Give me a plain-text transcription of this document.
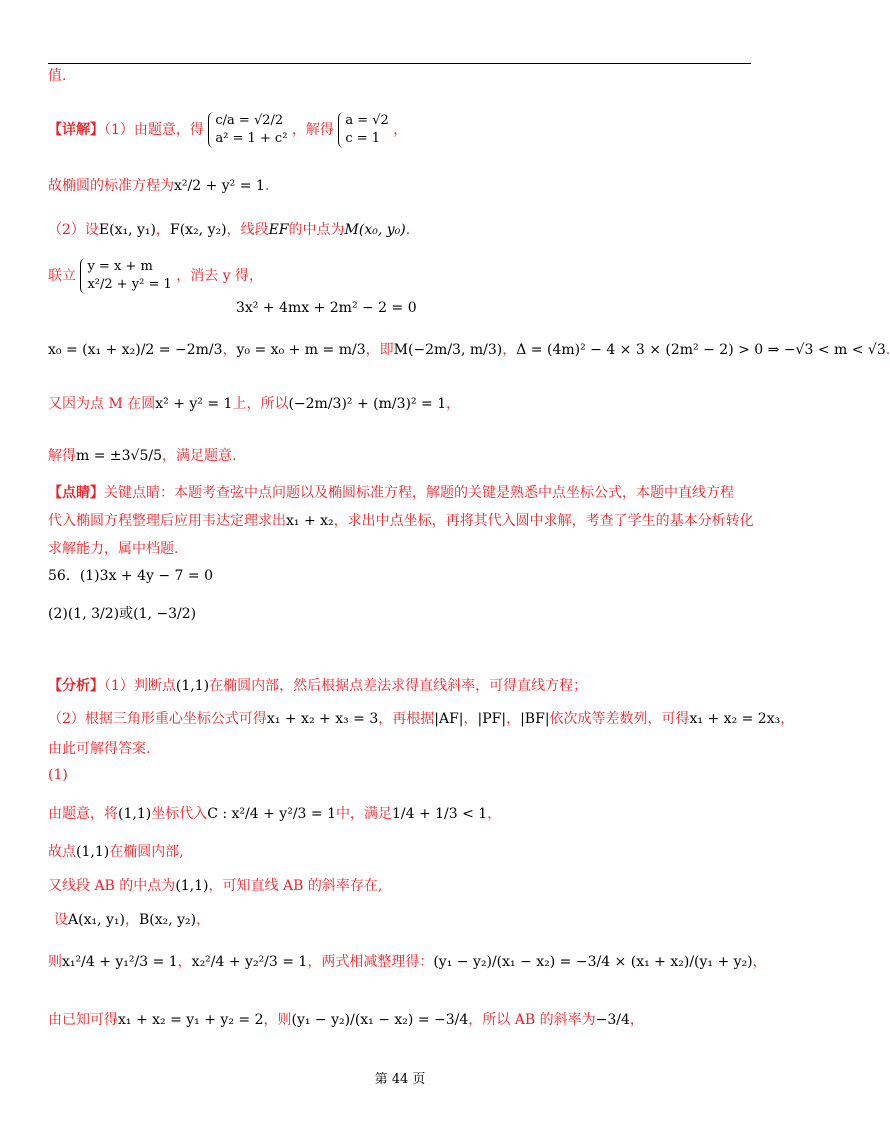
值.
【详解】（1）由题意，得
c/a = √2/2
a² = 1 + c²
，解得
a = √2
c = 1
，
故椭圆的标准方程为x²/2 + y² = 1.
（2）设E(x₁, y₁)，F(x₂, y₂)，线段EF的中点为M(x₀, y₀).
联立
y = x + m
x²/2 + y² = 1
，消去 y 得，
3x² + 4mx + 2m² − 2 = 0
x₀ = (x₁ + x₂)/2 = −2m/3，y₀ = x₀ + m = m/3，即M(−2m/3, m/3)，Δ = (4m)² − 4 × 3 × (2m² − 2) > 0 ⇒ −√3 < m < √3.
又因为点 M 在圆x² + y² = 1上，所以(−2m/3)² + (m/3)² = 1，
解得m = ±3√5/5，满足题意.
【点睛】关键点睛：本题考查弦中点问题以及椭圆标准方程，解题的关键是熟悉中点坐标公式，本题中直线方程
代入椭圆方程整理后应用韦达定理求出x₁ + x₂，求出中点坐标，再将其代入圆中求解，考查了学生的基本分析转化
求解能力，属中档题.
56．(1)3x + 4y − 7 = 0
(2)(1, 3/2)或(1, −3/2)
【分析】（1）判断点(1,1)在椭圆内部，然后根据点差法求得直线斜率，可得直线方程；
（2）根据三角形重心坐标公式可得x₁ + x₂ + x₃ = 3，再根据|AF|，|PF|，|BF|依次成等差数列，可得x₁ + x₂ = 2x₃，
由此可解得答案.
(1)
由题意，将(1,1)坐标代入C : x²/4 + y²/3 = 1中，满足1/4 + 1/3 < 1，
故点(1,1)在椭圆内部,
又线段 AB 的中点为(1,1)，可知直线 AB 的斜率存在,
设A(x₁, y₁)，B(x₂, y₂)，
则x₁²/4 + y₁²/3 = 1，x₂²/4 + y₂²/3 = 1，两式相减整理得：(y₁ − y₂)/(x₁ − x₂) = −3/4 × (x₁ + x₂)/(y₁ + y₂)，
由已知可得x₁ + x₂ = y₁ + y₂ = 2，则(y₁ − y₂)/(x₁ − x₂) = −3/4，所以 AB 的斜率为−3/4，
第 44 页
